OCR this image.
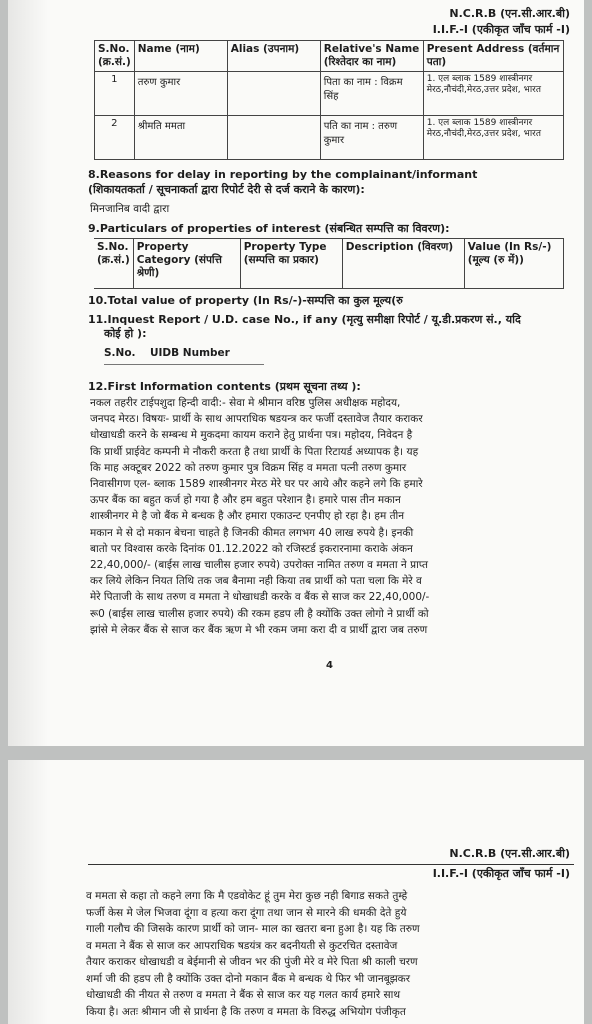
N.C.R.B (एन.सी.आर.बी)
I.I.F.-I (एकीकृत जाँच फार्म -I)
S.No. (क्र.सं.)	Name (नाम)	Alias (उपनाम)	Relative's Name (रिश्तेदार का नाम)	Present Address (वर्तमान पता)
1	तरुण कुमार		पिता का नाम : विक्रम सिंह	1. एल ब्लाक 1589 शास्त्रीनगर मेरठ,नौचंदी,मेरठ,उत्तर प्रदेश, भारत
2	श्रीमति ममता		पति का नाम : तरुण कुमार	1. एल ब्लाक 1589 शास्त्रीनगर मेरठ,नौचंदी,मेरठ,उत्तर प्रदेश, भारत
8.Reasons for delay in reporting by the complainant/informant
(शिकायतकर्ता / सूचनाकर्ता द्वारा रिपोर्ट देरी से दर्ज कराने के कारण):
मिनजानिब वादी द्वारा
9.Particulars of properties of interest (संबन्धित सम्पत्ति का विवरण):
S.No. (क्र.सं.)	Property Category (संपत्ति श्रेणी)	Property Type (सम्पत्ति का प्रकार)	Description (विवरण)	Value (In Rs/-) (मूल्य (रु में))
10.Total value of property (In Rs/-)-सम्पत्ति का कुल मूल्य(रु
11.Inquest Report / U.D. case No., if any (मृत्यु समीक्षा रिपोर्ट / यू.डी.प्रकरण सं., यदि
कोई हो ):
S.No. UIDB Number
12.First Information contents (प्रथम सूचना तथ्य ):
नकल तहरीर टाईपशुदा हिन्दी वादी:- सेवा मे श्रीमान वरिष्ठ पुलिस अधीक्षक महोदय,
जनपद मेरठ। विषयः- प्रार्थी के साथ आपराधिक षडयन्त्र कर फर्जी दस्तावेज तैयार कराकर
धोखाधडी करने के सम्बन्ध मे मुकदमा कायम कराने हेतु प्रार्थना पत्र। महोदय, निवेदन है
कि प्रार्थी प्राईवेट कम्पनी मे नौकरी करता है तथा प्रार्थी के पिता रिटायर्ड अध्यापक है। यह
कि माह अक्टूबर 2022 को तरुण कुमार पुत्र विक्रम सिंह व ममता पत्नी तरुण कुमार
निवासीगण एल- ब्लाक 1589 शास्त्रीनगर मेरठ मेरे घर पर आये और कहने लगे कि हमारे
ऊपर बैंक का बहुत कर्ज हो गया है और हम बहुत परेशान है। हमारे पास तीन मकान
शास्त्रीनगर मे है जो बैंक मे बन्धक है और हमारा एकाउन्ट एनपीए हो रहा है। हम तीन
मकान मे से दो मकान बेचना चाहते है जिनकी कीमत लगभग 40 लाख रुपये है। इनकी
बातो पर विश्वास करके दिनांक 01.12.2022 को रजिस्टर्ड इकरारनामा कराके अंकन
22,40,000/- (बाईस लाख चालीस हजार रुपये) उपरोक्त नामित तरुण व ममता ने प्राप्त
कर लिये लेकिन नियत तिथि तक जब बैनामा नही किया तब प्रार्थी को पता चला कि मेरे व
मेरे पिताजी के साथ तरुण व ममता ने धोखाधडी करके व बैंक से साज कर 22,40,000/-
रू0 (बाईस लाख चालीस हजार रुपये) की रकम हडप ली है क्योंकि उक्त लोगो ने प्रार्थी को
झांसे मे लेकर बैंक से साज कर बैंक ऋण मे भी रकम जमा करा दी व प्रार्थी द्वारा जब तरुण
4
N.C.R.B (एन.सी.आर.बी)
I.I.F.-I (एकीकृत जाँच फार्म -I)
व ममता से कहा तो कहने लगा कि मै एडवोकेट हूं तुम मेरा कुछ नही बिगाड सकते तुम्हे
फर्जी केस मे जेल भिजवा दूंगा व हत्या करा दूंगा तथा जान से मारने की धमकी देते हुये
गाली गलौच की जिसके कारण प्रार्थी को जान- माल का खतरा बना हुआ है। यह कि तरुण
व ममता ने बैंक से साज कर आपराधिक षडयंत्र कर बदनीयती से कुटरचित दस्तावेज
तैयार कराकर धोखाधडी व बेईमानी से जीवन भर की पुंजी मेरे व मेरे पिता श्री काली चरण
शर्मा जी की हडप ली है क्योंकि उक्त दोनो मकान बैंक मे बन्धक थे फिर भी जानबूझकर
धोखाधडी की नीयत से तरुण व ममता ने बैंक से साज कर यह गलत कार्य हमारे साथ
किया है। अतः श्रीमान जी से प्रार्थना है कि तरुण व ममता के विरुद्ध अभियोग पंजीकृत
